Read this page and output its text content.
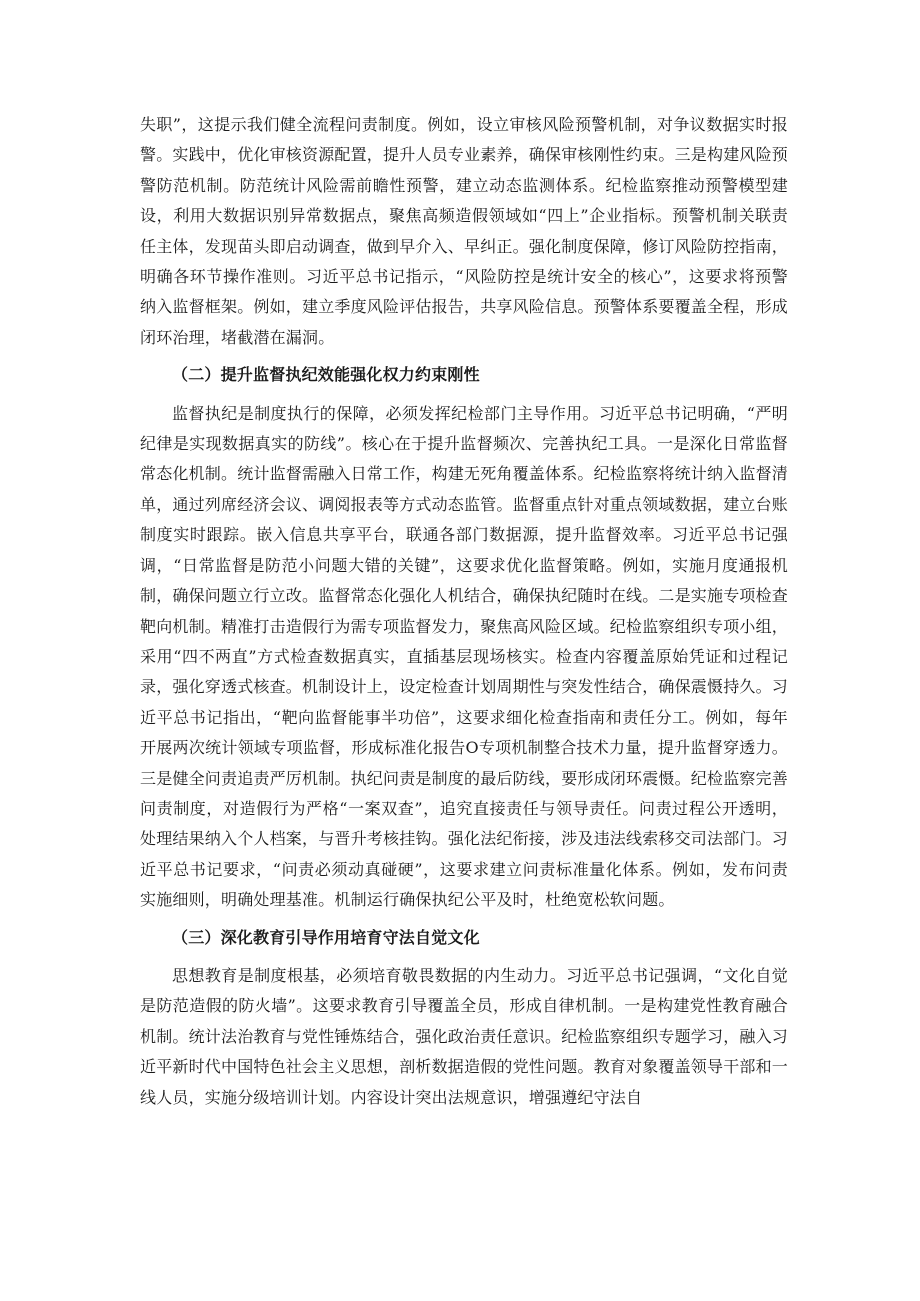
失职”，这提示我们健全流程问责制度。例如，设立审核风险预警机制，对争议数据实时报警。实践中，优化审核资源配置，提升人员专业素养，确保审核刚性约束。三是构建风险预警防范机制。防范统计风险需前瞻性预警，建立动态监测体系。纪检监察推动预警模型建设，利用大数据识别异常数据点，聚焦高频造假领域如“四上”企业指标。预警机制关联责任主体，发现苗头即启动调查，做到早介入、早纠正。强化制度保障，修订风险防控指南，明确各环节操作准则。习近平总书记指示，“风险防控是统计安全的核心”，这要求将预警纳入监督框架。例如，建立季度风险评估报告，共享风险信息。预警体系要覆盖全程，形成闭环治理，堵截潜在漏洞。

（二）提升监督执纪效能强化权力约束刚性

监督执纪是制度执行的保障，必须发挥纪检部门主导作用。习近平总书记明确，“严明纪律是实现数据真实的防线”。核心在于提升监督频次、完善执纪工具。一是深化日常监督常态化机制。统计监督需融入日常工作，构建无死角覆盖体系。纪检监察将统计纳入监督清单，通过列席经济会议、调阅报表等方式动态监管。监督重点针对重点领域数据，建立台账制度实时跟踪。嵌入信息共享平台，联通各部门数据源，提升监督效率。习近平总书记强调，“日常监督是防范小问题大错的关键”，这要求优化监督策略。例如，实施月度通报机制，确保问题立行立改。监督常态化强化人机结合，确保执纪随时在线。二是实施专项检查靶向机制。精准打击造假行为需专项监督发力，聚焦高风险区域。纪检监察组织专项小组，采用“四不两直”方式检查数据真实，直插基层现场核实。检查内容覆盖原始凭证和过程记录，强化穿透式核查。机制设计上，设定检查计划周期性与突发性结合，确保震慑持久。习近平总书记指出，“靶向监督能事半功倍”，这要求细化检查指南和责任分工。例如，每年开展两次统计领域专项监督，形成标准化报告O专项机制整合技术力量，提升监督穿透力。三是健全问责追责严厉机制。执纪问责是制度的最后防线，要形成闭环震慑。纪检监察完善问责制度，对造假行为严格“一案双查”，追究直接责任与领导责任。问责过程公开透明，处理结果纳入个人档案，与晋升考核挂钩。强化法纪衔接，涉及违法线索移交司法部门。习近平总书记要求，“问责必须动真碰硬”，这要求建立问责标准量化体系。例如，发布问责实施细则，明确处理基准。机制运行确保执纪公平及时，杜绝宽松软问题。

（三）深化教育引导作用培育守法自觉文化

思想教育是制度根基，必须培育敬畏数据的内生动力。习近平总书记强调，“文化自觉是防范造假的防火墙”。这要求教育引导覆盖全员，形成自律机制。一是构建党性教育融合机制。统计法治教育与党性锤炼结合，强化政治责任意识。纪检监察组织专题学习，融入习近平新时代中国特色社会主义思想，剖析数据造假的党性问题。教育对象覆盖领导干部和一线人员，实施分级培训计划。内容设计突出法规意识，增强遵纪守法自
